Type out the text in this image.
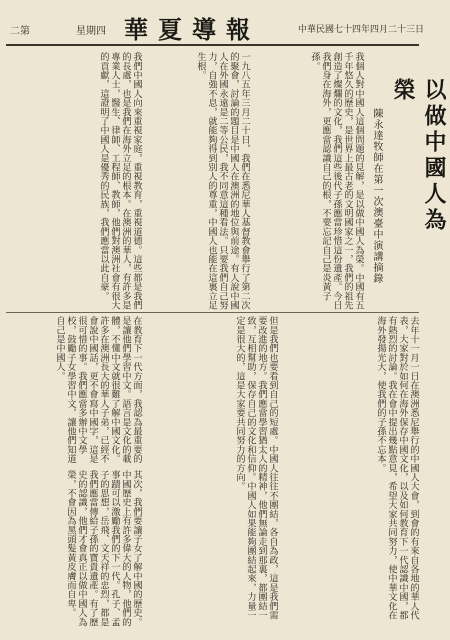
二第	星期四 華夏導報	中華民國七十四年四月二十三日
以做中國人為榮
陳永達牧師在第一次澳臺中演講摘錄
我個人對中國人這個問題的見解，是以做中國人為榮。中國有五千年悠久的歷史，是世界上最古老的文明國家之一，我們的祖先創造了燦爛的文化，我們這些後代子孫應當珍惜這份遺產。今日我們身在海外，更應當認識自己的根，不要忘記自己是炎黃子孫。
去年十一月一日在澳洲悉尼舉行的中國人大會，到會的有來自各地的華人代表，大家對於如何在海外保存中國文化，以及如何教育下一代認識中國，都有熱烈的討論。我在會中提出幾點意見，希望大家共同努力，使中華文化在海外發揚光大，使我們的子孫不忘本。
一九八五年三月二十日，我們在悉尼華人基督教會舉行了第二次的聚會，討論的題目是中國人在澳洲的地位與前途。有人說中國人在外國永遠是二等公民，我不同意這種看法。只要我們自己努力，自強不息，就能夠得到別人的尊重，中國人也能在這裏立足生根。
我們中國人向來重視家庭，重視教育，重視道德。這些都是我們的長處，也是我們在海外立足的根本。在澳洲的華人，有許多是專業人士，醫生、律師、工程師、教師，他們對澳洲社會有很大的貢獻，這證明了中國人是優秀的民族，我們應當以此自豪。
但是我們也要看到自己的短處。中國人往往不團結，各自為政，這是我們需要改進的地方。我們應當學習猶太人的精神，他們無論走到那裏，都團結一致，互相幫助，保存自己的文化和信仰。中國人如果能夠團結起來，力量一定是很大的，這是大家要共同努力的方向。
在教育下一代方面，我認為最重要的是讓他們學習中文。語言是文化的載體，不懂中文就很難了解中國文化。許多在澳洲長大的華人子弟，已經不會說中國話，更不會寫中國字，這是很可惜的事。我們應當多辦中文學校，鼓勵子女學習中文，讓他們知道自己是中國人。
其次，我們要讓子女了解中國的歷史。中國歷史上有許多偉大的人物，他們的事蹟可以激勵我們的下一代。孔子、孟子的思想，岳飛、文天祥的忠烈，都是我們應當傳給子孫的寶貴遺產。有了歷史的認識，他們才會真正以做中國人為榮，不會因為黑頭髮黃皮膚而自卑。
